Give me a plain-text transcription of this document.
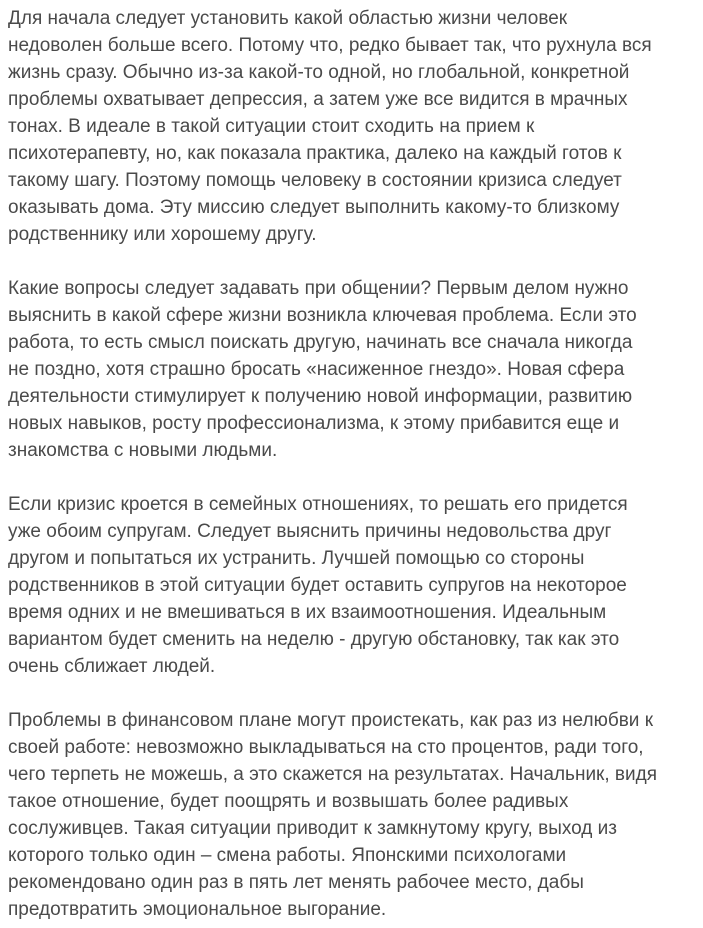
Для начала следует установить какой областью жизни человек
недоволен больше всего. Потому что, редко бывает так, что рухнула вся
жизнь сразу. Обычно из-за какой-то одной, но глобальной, конкретной
проблемы охватывает депрессия, а затем уже все видится в мрачных
тонах. В идеале в такой ситуации стоит сходить на прием к
психотерапевту, но, как показала практика, далеко на каждый готов к
такому шагу. Поэтому помощь человеку в состоянии кризиса следует
оказывать дома. Эту миссию следует выполнить какому-то близкому
родственнику или хорошему другу.

Какие вопросы следует задавать при общении? Первым делом нужно
выяснить в какой сфере жизни возникла ключевая проблема. Если это
работа, то есть смысл поискать другую, начинать все сначала никогда
не поздно, хотя страшно бросать «насиженное гнездо». Новая сфера
деятельности стимулирует к получению новой информации, развитию
новых навыков, росту профессионализма, к этому прибавится еще и
знакомства с новыми людьми.

Если кризис кроется в семейных отношениях, то решать его придется
уже обоим супругам. Следует выяснить причины недовольства друг
другом и попытаться их устранить. Лучшей помощью со стороны
родственников в этой ситуации будет оставить супругов на некоторое
время одних и не вмешиваться в их взаимоотношения. Идеальным
вариантом будет сменить на неделю - другую обстановку, так как это
очень сближает людей.

Проблемы в финансовом плане могут проистекать, как раз из нелюбви к
своей работе: невозможно выкладываться на сто процентов, ради того,
чего терпеть не можешь, а это скажется на результатах. Начальник, видя
такое отношение, будет поощрять и возвышать более радивых
сослуживцев. Такая ситуации приводит к замкнутому кругу, выход из
которого только один – смена работы. Японскими психологами
рекомендовано один раз в пять лет менять рабочее место, дабы
предотвратить эмоциональное выгорание.
